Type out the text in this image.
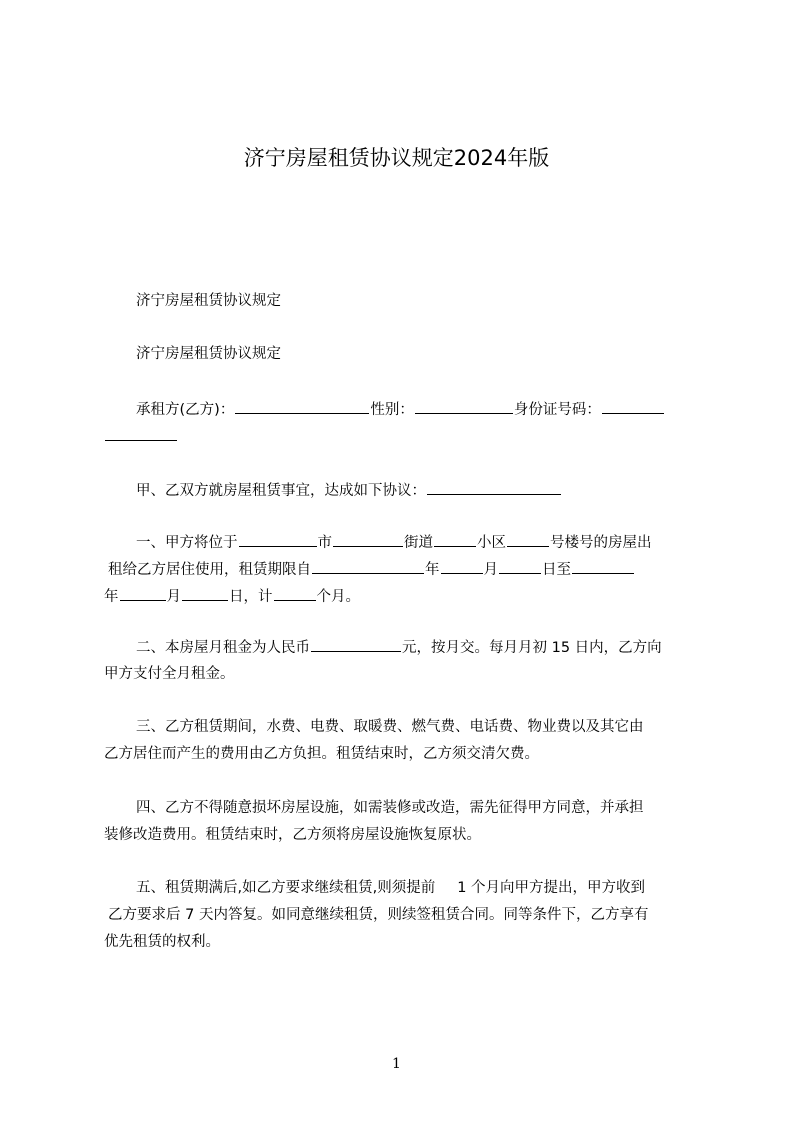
济宁房屋租赁协议规定2024年版

济宁房屋租赁协议规定

济宁房屋租赁协议规定

承租方(乙方)：	性别：	身份证号码：
甲、乙双方就房屋租赁事宜，达成如下协议：
一、甲方将位于	市	街道	小区	号楼号的房屋出
租给乙方居住使用，租赁期限自	年	月	日至
年	月	日，计	个月。
二、本房屋月租金为人民币	元，按月交。每月月初 15 日内，乙方向
甲方支付全月租金。
三、乙方租赁期间，水费、电费、取暖费、燃气费、电话费、物业费以及其它由
乙方居住而产生的费用由乙方负担。租赁结束时，乙方须交清欠费。
四、乙方不得随意损坏房屋设施，如需装修或改造，需先征得甲方同意，并承担
装修改造费用。租赁结束时，乙方须将房屋设施恢复原状。
五、租赁期满后,如乙方要求继续租赁,则须提前 1 个月向甲方提出，甲方收到
乙方要求后 7 天内答复。如同意继续租赁，则续签租赁合同。同等条件下，乙方享有
优先租赁的权利。
1
